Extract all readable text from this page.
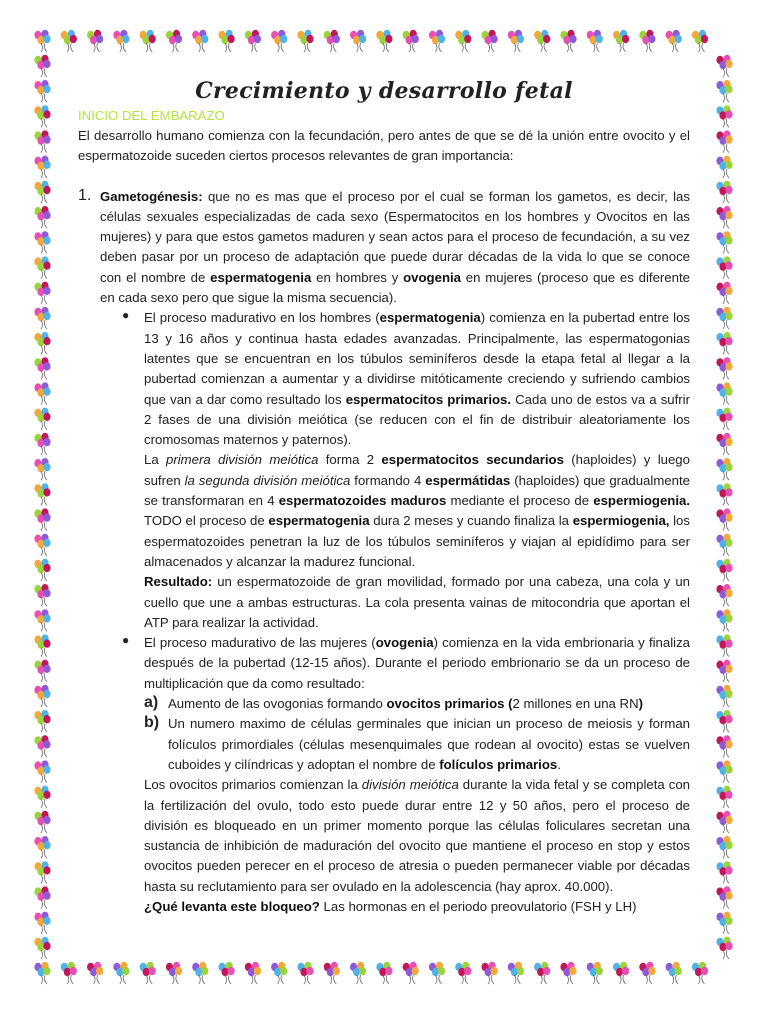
Crecimiento y desarrollo fetal

INICIO DEL EMBARAZO

El desarrollo humano comienza con la fecundación, pero antes de que se dé la unión entre ovocito y el espermatozoide suceden ciertos procesos relevantes de gran importancia:

1. Gametogénesis: que no es mas que el proceso por el cual se forman los gametos, es decir, las células sexuales especializadas de cada sexo (Espermatocitos en los hombres y Ovocitos en las mujeres) y para que estos gametos maduren y sean actos para el proceso de fecundación, a su vez deben pasar por un proceso de adaptación que puede durar décadas de la vida lo que se conoce con el nombre de espermatogenia en hombres y ovogenia en mujeres (proceso que es diferente en cada sexo pero que sigue la misma secuencia).

● El proceso madurativo en los hombres (espermatogenia) comienza en la pubertad entre los 13 y 16 años y continua hasta edades avanzadas. Principalmente, las espermatogonias latentes que se encuentran en los túbulos seminíferos desde la etapa fetal al llegar a la pubertad comienzan a aumentar y a dividirse mitóticamente creciendo y sufriendo cambios que van a dar como resultado los espermatocitos primarios. Cada uno de estos va a sufrir 2 fases de una división meiótica (se reducen con el fin de distribuir aleatoriamente los cromosomas maternos y paternos).

La primera división meiótica forma 2 espermatocitos secundarios (haploides) y luego sufren la segunda división meiótica formando 4 espermátidas (haploides) que gradualmente se transformaran en 4 espermatozoides maduros mediante el proceso de espermiogenia. TODO el proceso de espermatogenia dura 2 meses y cuando finaliza la espermiogenia, los espermatozoides penetran la luz de los túbulos seminíferos y viajan al epidídimo para ser almacenados y alcanzar la madurez funcional.

Resultado: un espermatozoide de gran movilidad, formado por una cabeza, una cola y un cuello que une a ambas estructuras. La cola presenta vainas de mitocondria que aportan el ATP para realizar la actividad.

● El proceso madurativo de las mujeres (ovogenia) comienza en la vida embrionaria y finaliza después de la pubertad (12-15 años). Durante el periodo embrionario se da un proceso de multiplicación que da como resultado:

a) Aumento de las ovogonias formando ovocitos primarios (2 millones en una RN)

b) Un numero maximo de células germinales que inician un proceso de meiosis y forman folículos primordiales (células mesenquimales que rodean al ovocito) estas se vuelven cuboides y cilíndricas y adoptan el nombre de folículos primarios.

Los ovocitos primarios comienzan la división meiótica durante la vida fetal y se completa con la fertilización del ovulo, todo esto puede durar entre 12 y 50 años, pero el proceso de división es bloqueado en un primer momento porque las células foliculares secretan una sustancia de inhibición de maduración del ovocito que mantiene el proceso en stop y estos ovocitos pueden perecer en el proceso de atresia o pueden permanecer viable por décadas hasta su reclutamiento para ser ovulado en la adolescencia (hay aprox. 40.000).

¿Qué levanta este bloqueo? Las hormonas en el periodo preovulatorio (FSH y LH)
